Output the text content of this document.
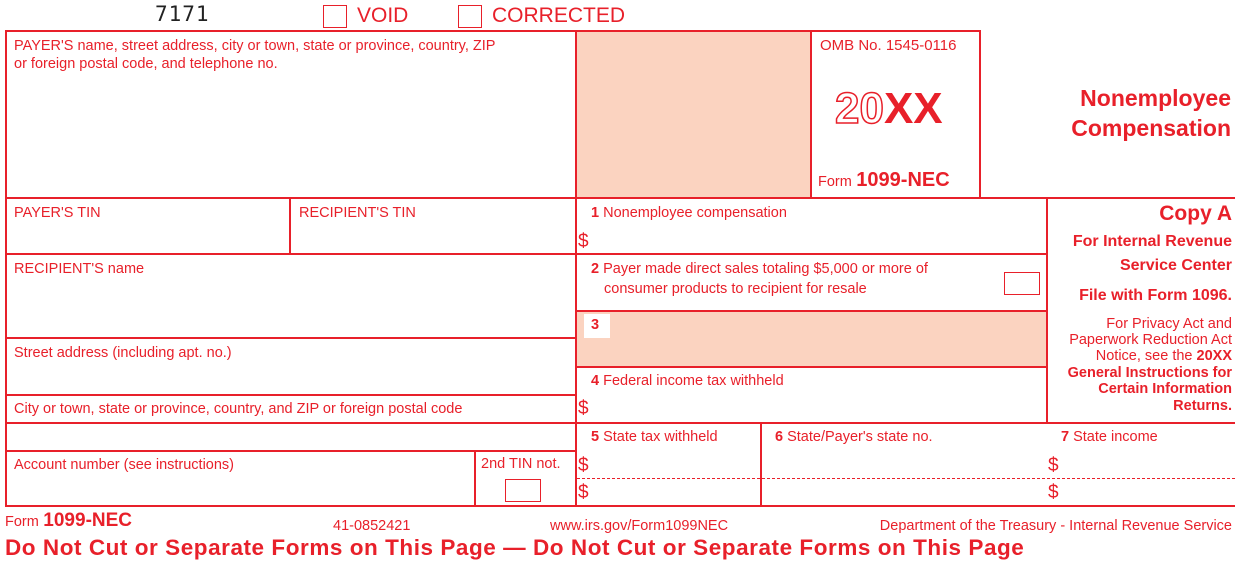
7171	VOID	CORRECTED
PAYER'S name, street address, city or town, state or province, country, ZIP
or foreign postal code, and telephone no.
OMB No. 1545-0116
20XX
Form 1099-NEC
Nonemployee
Compensation
PAYER'S TIN	RECIPIENT'S TIN
RECIPIENT'S name
Street address (including apt. no.)
City or town, state or province, country, and ZIP or foreign postal code
Account number (see instructions)	2nd TIN not.
1 Nonemployee compensation
$
2 Payer made direct sales totaling $5,000 or more of
consumer products to recipient for resale
3
4 Federal income tax withheld
$
5 State tax withheld
$
$
6 State/Payer's state no.	7 State income
$
$
Copy A
For Internal Revenue
Service Center
File with Form 1096.
For Privacy Act and
Paperwork Reduction Act
Notice, see the 20XX
General Instructions for
Certain Information
Returns.
Form 1099-NEC	41-0852421	www.irs.gov/Form1099NEC	Department of the Treasury - Internal Revenue Service
Do Not Cut or Separate Forms on This Page — Do Not Cut or Separate Forms on This Page
